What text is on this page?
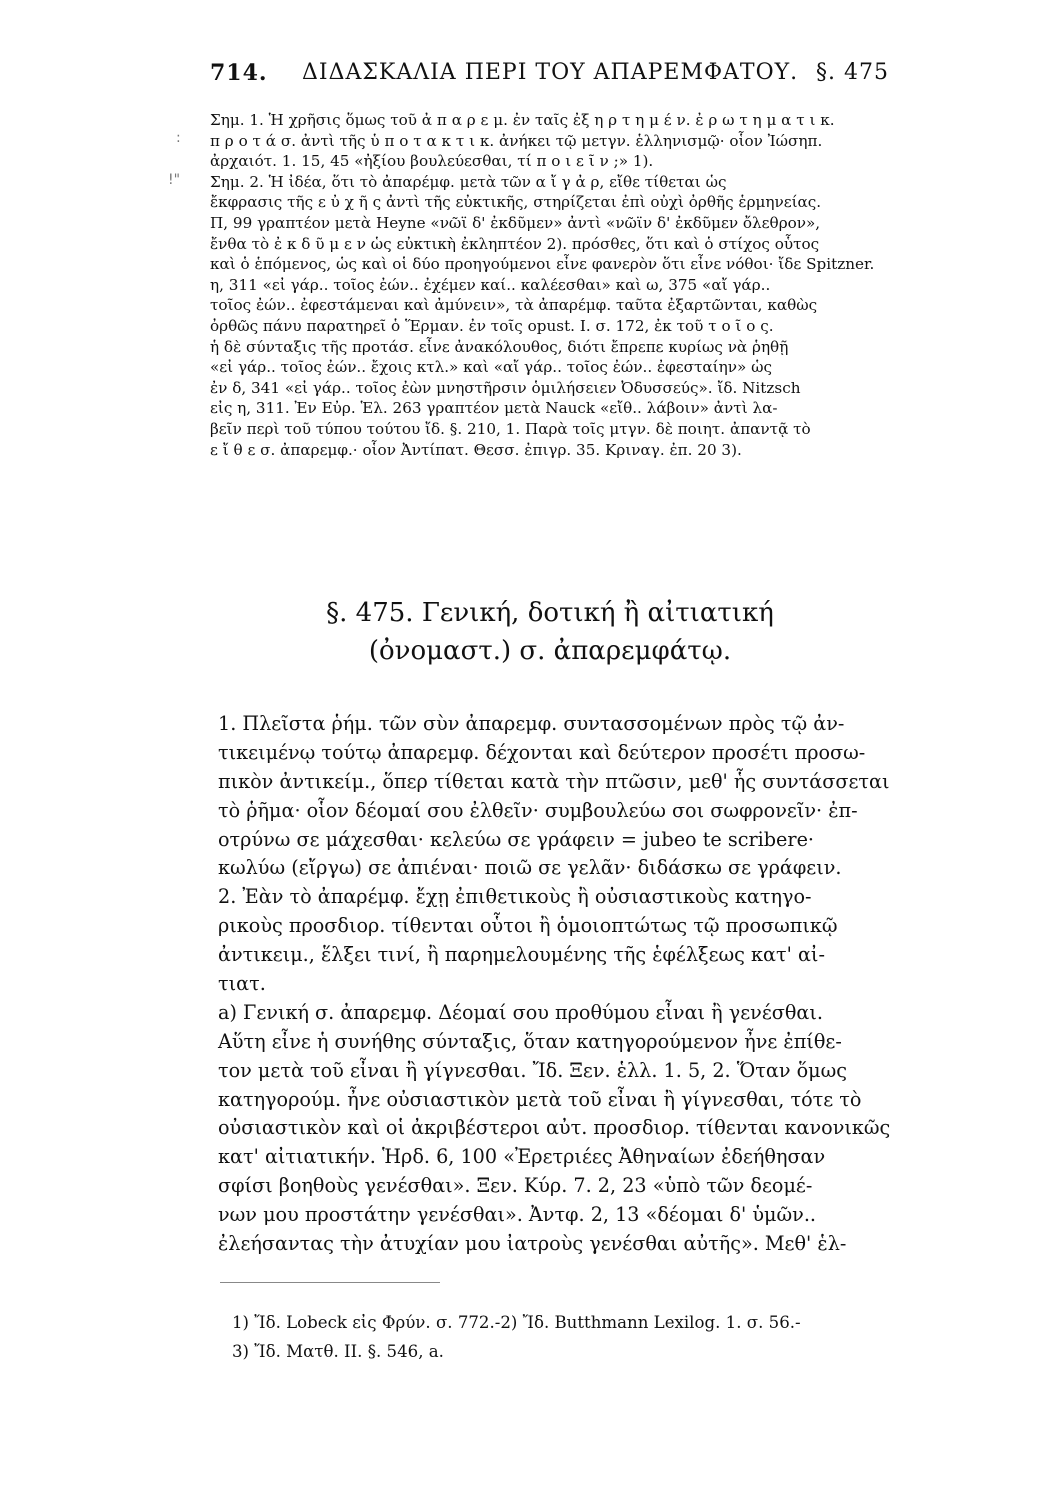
:
!"
714. ΔΙΔΑΣΚΑΛΙΑ ΠΕΡΙ ΤΟΥ ΑΠΑΡΕΜΦΑΤΟΥ. §. 475
Σημ. 1. Ἡ χρῆσις ὅμως τοῦ ἀ π α ρ ε μ. ἐν ταῖς ἐξ η ρ τ η μ έ ν. ἐ ρ ω τ η μ α τ ι κ.
π ρ ο τ ά σ. ἀντὶ τῆς ὑ π ο τ α κ τ ι κ. ἀνήκει τῷ μετγν. ἑλληνισμῷ· οἷον Ἰώσηπ.
ἀρχαιότ. 1. 15, 45 «ἠξίου βουλεύεσθαι, τί π ο ι ε ῖ ν ;» 1).
Σημ. 2. Ἡ ἰδέα, ὅτι τὸ ἀπαρέμφ. μετὰ τῶν α ἴ γ ἀ ρ, εἴθε τίθεται ὡς
ἔκφρασις τῆς ε ὐ χ ῆ ς ἀντὶ τῆς εὐκτικῆς, στηρίζεται ἐπὶ οὐχὶ ὀρθῆς ἑρμηνείας.
Π, 99 γραπτέον μετὰ Heyne «νῶϊ δ' ἐκδῦμεν» ἀντὶ «νῶϊν δ' ἐκδῦμεν ὄλεθρον»,
ἔνθα τὸ ἐ κ δ ῦ μ ε ν ὡς εὐκτικὴ ἐκληπτέον 2). πρόσθες, ὅτι καὶ ὁ στίχος οὗτος
καὶ ὁ ἑπόμενος, ὡς καὶ οἱ δύο προηγούμενοι εἶνε φανερὸν ὅτι εἶνε νόθοι· ἴδε Spitzner.
η, 311 «εἰ γάρ.. τοῖος ἐών.. ἐχέμεν καί.. καλέεσθαι» καὶ ω, 375 «αἴ γάρ..
τοῖος ἐών.. ἐφεστάμεναι καὶ ἀμύνειν», τὰ ἀπαρέμφ. ταῦτα ἐξαρτῶνται, καθὼς
ὀρθῶς πάνυ παρατηρεῖ ὁ Ἕρμαν. ἐν τοῖς opust. I. σ. 172, ἐκ τοῦ τ ο ῖ ο ς.
ἡ δὲ σύνταξις τῆς προτάσ. εἶνε ἀνακόλουθος, διότι ἔπρεπε κυρίως νὰ ῥηθῇ
«εἰ γάρ.. τοῖος ἐών.. ἔχοις κτλ.» καὶ «αἴ γάρ.. τοῖος ἐών.. ἐφεσταίην» ὡς
ἐν δ, 341 «εἰ γάρ.. τοῖος ἐὼν μνηστῆρσιν ὁμιλήσειεν Ὀδυσσεύς». ἴδ. Nitzsch
εἰς η, 311. Ἐν Εὐρ. Ἑλ. 263 γραπτέον μετὰ Nauck «εἴθ.. λάβοιν» ἀντὶ λα-
βεῖν περὶ τοῦ τύπου τούτου ἴδ. §. 210, 1. Παρὰ τοῖς μτγν. δὲ ποιητ. ἀπαντᾷ τὸ
ε ἴ θ ε σ. ἀπαρεμφ.· οἷον Ἀντίπατ. Θεσσ. ἐπιγρ. 35. Κριναγ. ἐπ. 20 3).
§. 475. Γενική, δοτική ἢ αἰτιατική
(ὀνομαστ.) σ. ἀπαρεμφάτῳ.
1. Πλεῖστα ῥήμ. τῶν σὺν ἀπαρεμφ. συντασσομένων πρὸς τῷ ἀν-
τικειμένῳ τούτῳ ἀπαρεμφ. δέχονται καὶ δεύτερον προσέτι προσω-
πικὸν ἀντικείμ., ὅπερ τίθεται κατὰ τὴν πτῶσιν, μεθ' ἧς συντάσσεται
τὸ ῥῆμα· οἷον δέομαί σου ἐλθεῖν· συμβουλεύω σοι σωφρονεῖν· ἐπ-
οτρύνω σε μάχεσθαι· κελεύω σε γράφειν = jubeo te scribere·
κωλύω (εἴργω) σε ἀπιέναι· ποιῶ σε γελᾶν· διδάσκω σε γράφειν.
2. Ἐὰν τὸ ἀπαρέμφ. ἔχῃ ἐπιθετικοὺς ἢ οὐσιαστικοὺς κατηγο-
ρικοὺς προσδιορ. τίθενται οὗτοι ἢ ὁμοιοπτώτως τῷ προσωπικῷ
ἀντικειμ., ἕλξει τινί, ἢ παρημελουμένης τῆς ἑφέλξεως κατ' αἰ-
τιατ.
a) Γενική σ. ἀπαρεμφ. Δέομαί σου προθύμου εἶναι ἢ γενέσθαι.
Αὕτη εἶνε ἡ συνήθης σύνταξις, ὅταν κατηγορούμενον ἦνε ἐπίθε-
τον μετὰ τοῦ εἶναι ἢ γίγνεσθαι. Ἴδ. Ξεν. ἑλλ. 1. 5, 2. Ὅταν ὅμως
κατηγορούμ. ἦνε οὐσιαστικὸν μετὰ τοῦ εἶναι ἢ γίγνεσθαι, τότε τὸ
οὐσιαστικὸν καὶ οἱ ἀκριβέστεροι αὐτ. προσδιορ. τίθενται κανονικῶς
κατ' αἰτιατικήν. Ἡρδ. 6, 100 «Ἐρετριέες Ἀθηναίων ἐδεήθησαν
σφίσι βοηθοὺς γενέσθαι». Ξεν. Κύρ. 7. 2, 23 «ὑπὸ τῶν δεομέ-
νων μου προστάτην γενέσθαι». Ἀντφ. 2, 13 «δέομαι δ' ὑμῶν..
ἐλεήσαντας τὴν ἀτυχίαν μου ἰατροὺς γενέσθαι αὐτῆς». Μεθ' ἑλ-
1) Ἴδ. Lobeck εἰς Φρύν. σ. 772.-2) Ἴδ. Butthmann Lexilog. 1. σ. 56.-
3) Ἴδ. Ματθ. II. §. 546, a.
